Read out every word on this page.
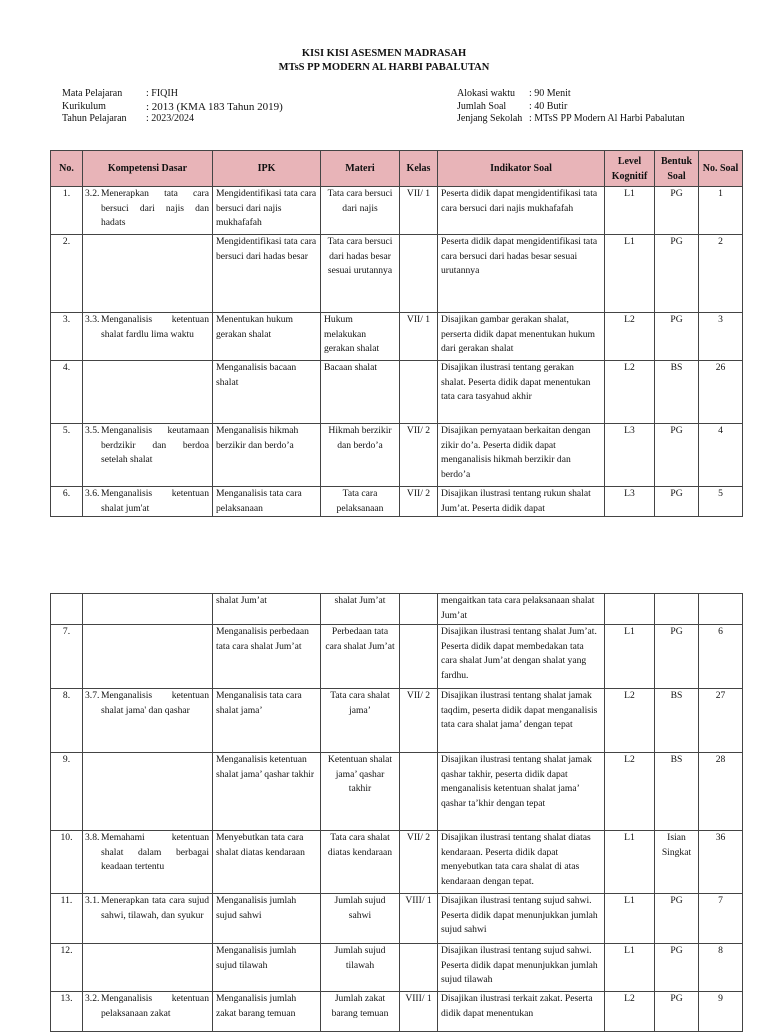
KISI KISI ASESMEN MADRASAH
MTsS PP MODERN AL HARBI PABALUTAN
Mata Pelajaran	: FIQIH
Kurikulum	: 2013 (KMA 183 Tahun 2019)
Tahun Pelajaran	: 2023/2024
Alokasi waktu	: 90 Menit
Jumlah Soal	: 40 Butir
Jenjang Sekolah : MTsS PP Modern Al Harbi Pabalutan
No.	Kompetensi Dasar	IPK	Materi	Kelas	Indikator Soal	Level Kognitif	Bentuk Soal	No. Soal
1.	3.2. Menerapkan tata cara bersuci dari najis dan hadats	Mengidentifikasi tata cara bersuci dari najis mukhafafah	Tata cara bersuci dari najis	VII/ 1	Peserta didik dapat mengidentifikasi tata cara bersuci dari najis mukhafafah	L1	PG	1
2.		Mengidentifikasi tata cara bersuci dari hadas besar	Tata cara bersuci dari hadas besar sesuai urutannya		Peserta didik dapat mengidentifikasi tata cara bersuci dari hadas besar sesuai urutannya	L1	PG	2
3.	3.3. Menganalisis ketentuan shalat fardlu lima waktu	Menentukan hukum gerakan shalat	Hukum melakukan gerakan shalat	VII/ 1	Disajikan gambar gerakan shalat, perserta didik dapat menentukan hukum dari gerakan shalat	L2	PG	3
4.		Menganalisis bacaan shalat	Bacaan shalat		Disajikan ilustrasi tentang gerakan shalat. Peserta didik dapat menentukan tata cara tasyahud akhir	L2	BS	26
5.	3.5. Menganalisis keutamaan berdzikir dan berdoa setelah shalat	Menganalisis hikmah berzikir dan berdo’a	Hikmah berzikir dan berdo’a	VII/ 2	Disajikan pernyataan berkaitan dengan zikir do’a. Peserta didik dapat menganalisis hikmah berzikir dan berdo’a	L3	PG	4
6.	3.6. Menganalisis ketentuan shalat jum'at	Menganalisis tata cara pelaksanaan	Tata cara pelaksanaan	VII/ 2	Disajikan ilustrasi tentang rukun shalat Jum’at. Peserta didik dapat	L3	PG	5

	shalat Jum’at	shalat Jum’at		mengaitkan tata cara pelaksanaan shalat Jum’at			
7.		Menganalisis perbedaan tata cara shalat Jum’at	Perbedaan tata cara shalat Jum’at		Disajikan ilustrasi tentang shalat Jum’at. Peserta didik dapat membedakan tata cara shalat Jum’at dengan shalat yang fardhu.	L1	PG	6
8.	3.7. Menganalisis ketentuan shalat jama' dan qashar	Menganalisis tata cara shalat jama’	Tata cara shalat jama’	VII/ 2	Disajikan ilustrasi tentang shalat jamak taqdim, peserta didik dapat menganalisis tata cara shalat jama’ dengan tepat	L2	BS	27
9.		Menganalisis ketentuan shalat jama’ qashar takhir	Ketentuan shalat jama’ qashar takhir		Disajikan ilustrasi tentang shalat jamak qashar takhir, peserta didik dapat menganalisis ketentuan shalat jama’ qashar ta’khir dengan tepat	L2	BS	28
10.	3.8. Memahami ketentuan shalat dalam berbagai keadaan tertentu	Menyebutkan tata cara shalat diatas kendaraan	Tata cara shalat diatas kendaraan	VII/ 2	Disajikan ilustrasi tentang shalat diatas kendaraan. Peserta didik dapat menyebutkan tata cara shalat di atas kendaraan dengan tepat.	L1	Isian Singkat	36
11.	3.1. Menerapkan tata cara sujud sahwi, tilawah, dan syukur	Menganalisis jumlah sujud sahwi	Jumlah sujud sahwi	VIII/ 1	Disajikan ilustrasi tentang sujud sahwi. Peserta didik dapat menunjukkan jumlah sujud sahwi	L1	PG	7
12.		Menganalisis jumlah sujud tilawah	Jumlah sujud tilawah		Disajikan ilustrasi tentang sujud sahwi. Peserta didik dapat menunjukkan jumlah sujud tilawah	L1	PG	8
13.	3.2. Menganalisis ketentuan pelaksanaan zakat	Menganalisis jumlah zakat barang temuan	Jumlah zakat barang temuan	VIII/ 1	Disajikan ilustrasi terkait zakat. Peserta didik dapat menentukan	L2	PG	9
